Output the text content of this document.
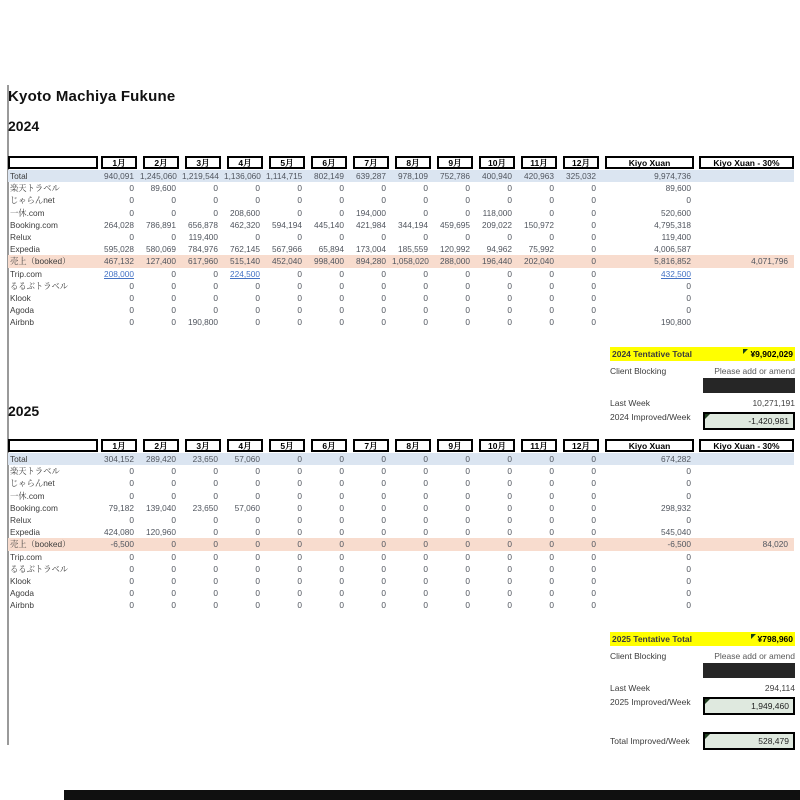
Kyoto Machiya Fukune
2024
2025
1月	2月	3月	4月	5月	6月	7月	8月	9月	10月	11月	12月	Kiyo Xuan	Kiyo Xuan - 30%
Total	940,091 1,245,060 1,219,544 1,136,060 1,114,715	802,149	639,287	978,109	752,786	400,940	420,963	325,032	9,974,736
楽天トラベル	0	89,600	0	0	0	0	0	0	0	0	0	0	89,600
じゃらんnet	0	0	0	0	0	0	0	0	0	0	0	0	0
一休.com	0	0	0	208,600	0	0	194,000	0	0	118,000	0	0	520,600
Booking.com	264,028	786,891	656,878	462,320	594,194	445,140	421,984	344,194	459,695	209,022	150,972	0	4,795,318
Relux	0	0	119,400	0	0	0	0	0	0	0	0	0	119,400
Expedia	595,028	580,069	784,976	762,145	567,966	65,894	173,004	185,559	120,992	94,962	75,992	0	4,006,587
売上（booked）	467,132	127,400	617,960	515,140	452,040	998,400	894,280 1,058,020	288,000	196,440	202,040	0	5,816,852	4,071,796
Trip.com	208,000	0	0	224,500	0	0	0	0	0	0	0	0	432,500
るるぶトラベル	0	0	0	0	0	0	0	0	0	0	0	0	0
Klook	0	0	0	0	0	0	0	0	0	0	0	0	0
Agoda	0	0	0	0	0	0	0	0	0	0	0	0	0
Airbnb	0	0	190,800	0	0	0	0	0	0	0	0	0	190,800
1月	2月	3月	4月	5月	6月	7月	8月	9月	10月	11月	12月	Kiyo Xuan	Kiyo Xuan - 30%
Total	304,152	289,420	23,650	57,060	0	0	0	0	0	0	0	0	674,282
楽天トラベル	0	0	0	0	0	0	0	0	0	0	0	0	0
じゃらんnet	0	0	0	0	0	0	0	0	0	0	0	0	0
一休.com	0	0	0	0	0	0	0	0	0	0	0	0	0
Booking.com	79,182	139,040	23,650	57,060	0	0	0	0	0	0	0	0	298,932
Relux	0	0	0	0	0	0	0	0	0	0	0	0	0
Expedia	424,080	120,960	0	0	0	0	0	0	0	0	0	0	545,040
売上（booked）	-6,500	0	0	0	0	0	0	0	0	0	0	0	-6,500	84,020
Trip.com	0	0	0	0	0	0	0	0	0	0	0	0	0
るるぶトラベル	0	0	0	0	0	0	0	0	0	0	0	0	0
Klook	0	0	0	0	0	0	0	0	0	0	0	0	0
Agoda	0	0	0	0	0	0	0	0	0	0	0	0	0
Airbnb	0	0	0	0	0	0	0	0	0	0	0	0	0
2024 Tentative Total	¥9,902,029
Client Blocking	Please add or amend
Last Week	10,271,191
2024 Improved/Week	-1,420,981
2025 Tentative Total	¥798,960
Client Blocking	Please add or amend
Last Week	294,114
2025 Improved/Week	1,949,460
Total Improved/Week	528,479
